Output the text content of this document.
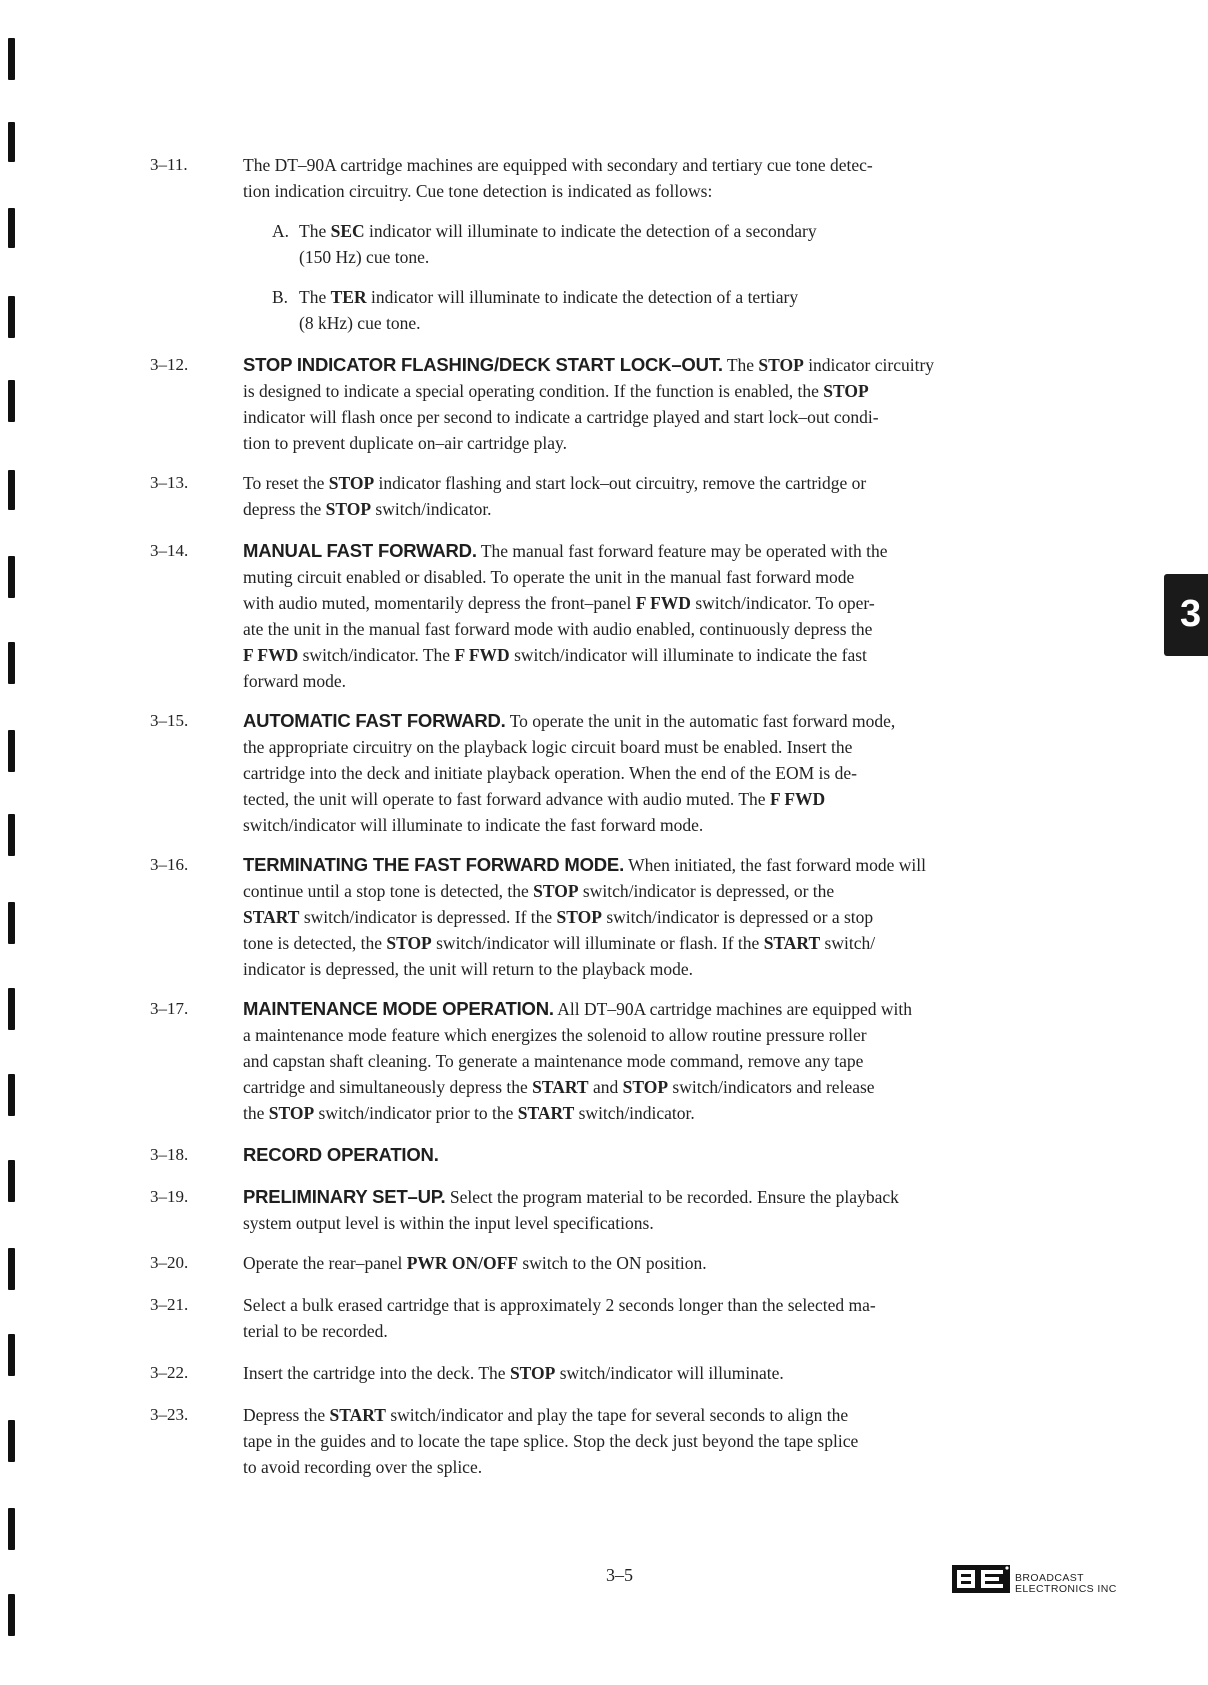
3–11.	The DT–90A cartridge machines are equipped with secondary and tertiary cue tone detec-

tion indication circuitry. Cue tone detection is indicated as follows:

A. The SEC indicator will illuminate to indicate the detection of a secondary
(150 Hz) cue tone.
B. The TER indicator will illuminate to indicate the detection of a tertiary
(8 kHz) cue tone.
3–12.	STOP INDICATOR FLASHING/DECK START LOCK–OUT. The STOP indicator circuitry

is designed to indicate a special operating condition. If the function is enabled, the STOP

indicator will flash once per second to indicate a cartridge played and start lock–out condi-

tion to prevent duplicate on–air cartridge play.

3–13.	To reset the STOP indicator flashing and start lock–out circuitry, remove the cartridge or

depress the STOP switch/indicator.

3–14.	MANUAL FAST FORWARD. The manual fast forward feature may be operated with the

muting circuit enabled or disabled. To operate the unit in the manual fast forward mode

with audio muted, momentarily depress the front–panel F FWD switch/indicator. To oper-

ate the unit in the manual fast forward mode with audio enabled, continuously depress the

F FWD switch/indicator. The F FWD switch/indicator will illuminate to indicate the fast

forward mode.

3–15.	AUTOMATIC FAST FORWARD. To operate the unit in the automatic fast forward mode,

the appropriate circuitry on the playback logic circuit board must be enabled. Insert the

cartridge into the deck and initiate playback operation. When the end of the EOM is de-

tected, the unit will operate to fast forward advance with audio muted. The F FWD

switch/indicator will illuminate to indicate the fast forward mode.

3–16.	TERMINATING THE FAST FORWARD MODE. When initiated, the fast forward mode will

continue until a stop tone is detected, the STOP switch/indicator is depressed, or the

START switch/indicator is depressed. If the STOP switch/indicator is depressed or a stop

tone is detected, the STOP switch/indicator will illuminate or flash. If the START switch/

indicator is depressed, the unit will return to the playback mode.

3–17.	MAINTENANCE MODE OPERATION. All DT–90A cartridge machines are equipped with

a maintenance mode feature which energizes the solenoid to allow routine pressure roller

and capstan shaft cleaning. To generate a maintenance mode command, remove any tape

cartridge and simultaneously depress the START and STOP switch/indicators and release

the STOP switch/indicator prior to the START switch/indicator.

3–18.	RECORD OPERATION.

3–19.	PRELIMINARY SET–UP. Select the program material to be recorded. Ensure the playback

system output level is within the input level specifications.

3–20.	Operate the rear–panel PWR ON/OFF switch to the ON position.

3–21.	Select a bulk erased cartridge that is approximately 2 seconds longer than the selected ma-

terial to be recorded.

3–22.	Insert the cartridge into the deck. The STOP switch/indicator will illuminate.

3–23.	Depress the START switch/indicator and play the tape for several seconds to align the

tape in the guides and to locate the tape splice. Stop the deck just beyond the tape splice

to avoid recording over the splice.

3
3–5	BROADCAST
ELECTRONICS INC
